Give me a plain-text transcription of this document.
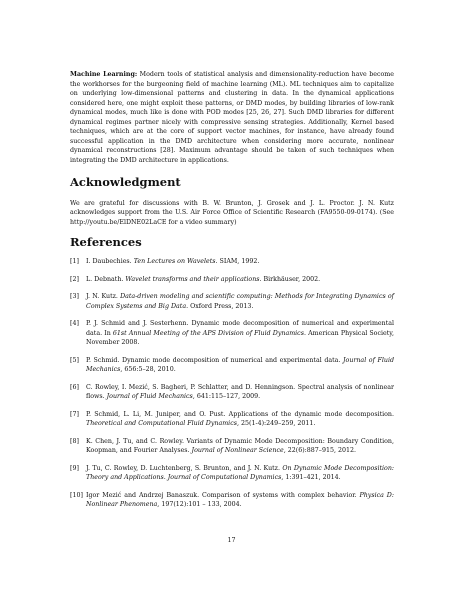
Machine Learning: Modern tools of statistical analysis and dimensionality-reduction have become the workhorses for the burgeoning field of machine learning (ML). ML techniques aim to capitalize on underlying low-dimensional patterns and clustering in data. In the dynamical applications considered here, one might exploit these patterns, or DMD modes, by building libraries of low-rank dynamical modes, much like is done with POD modes [25, 26, 27]. Such DMD libraries for different dynamical regimes partner nicely with compressive sensing strategies. Additionally, Kernel based techniques, which are at the core of support vector machines, for instance, have already found successful application in the DMD architecture when considering more accurate, nonlinear dynamical reconstructions [28]. Maximum advantage should be taken of such techniques when integrating the DMD architecture in applications.

Acknowledgment

We are grateful for discussions with B. W. Brunton, J. Grosek and J. L. Proctor. J. N. Kutz acknowledges support from the U.S. Air Force Office of Scientific Research (FA9550-09-0174). (See http://youtu.be/ElDNE02LaCE for a video summary)

References
[1] I. Daubechies. Ten Lectures on Wavelets. SIAM, 1992.
[2] L. Debnath. Wavelet transforms and their applications. Birkhäuser, 2002.
[3] J. N. Kutz. Data-driven modeling and scientific computing: Methods for Integrating Dynamics of Complex Systems and Big Data. Oxford Press, 2013.
[4] P. J. Schmid and J. Sesterhenn. Dynamic mode decomposition of numerical and experimental data. In 61st Annual Meeting of the APS Division of Fluid Dynamics. American Physical Society, November 2008.
[5] P. Schmid. Dynamic mode decomposition of numerical and experimental data. Journal of Fluid Mechanics, 656:5–28, 2010.
[6] C. Rowley, I. Mezić, S. Bagheri, P. Schlatter, and D. Henningson. Spectral analysis of nonlinear flows. Journal of Fluid Mechanics, 641:115–127, 2009.
[7] P. Schmid, L. Li, M. Juniper, and O. Pust. Applications of the dynamic mode decomposition. Theoretical and Computational Fluid Dynamics, 25(1-4):249–259, 2011.
[8] K. Chen, J. Tu, and C. Rowley. Variants of Dynamic Mode Decomposition: Boundary Condition, Koopman, and Fourier Analyses. Journal of Nonlinear Science, 22(6):887–915, 2012.
[9] J. Tu, C. Rowley, D. Luchtenberg, S. Brunton, and J. N. Kutz. On Dynamic Mode Decomposition: Theory and Applications. Journal of Computational Dynamics, 1:391–421, 2014.
[10] Igor Mezić and Andrzej Banaszuk. Comparison of systems with complex behavior. Physica D: Nonlinear Phenomena, 197(12):101 – 133, 2004.
17
